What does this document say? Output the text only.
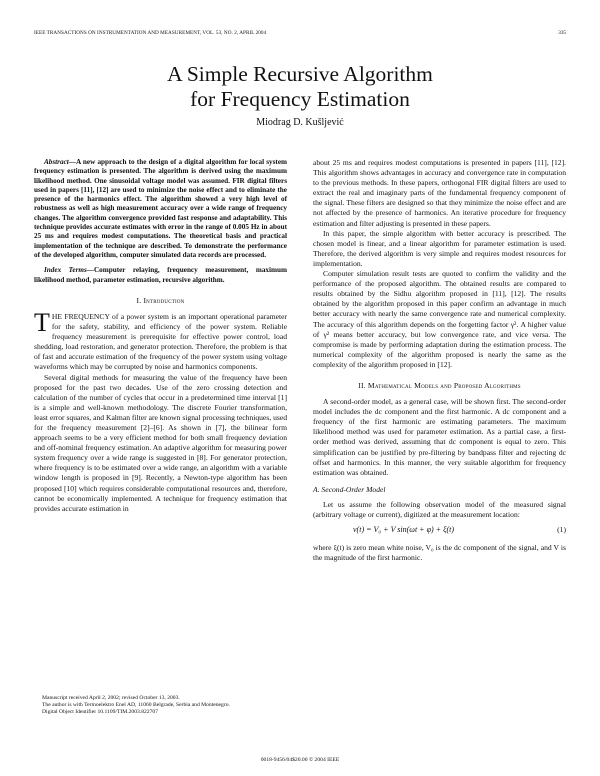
IEEE TRANSACTIONS ON INSTRUMENTATION AND MEASUREMENT, VOL. 53, NO. 2, APRIL 2004	335
A Simple Recursive Algorithm
for Frequency Estimation
Miodrag D. Kušljević

Abstract—A new approach to the design of a digital algorithm for local system frequency estimation is presented. The algorithm is derived using the maximum likelihood method. One sinusoidal voltage model was assumed. FIR digital filters used in papers [11], [12] are used to minimize the noise effect and to eliminate the presence of the harmonics effect. The algorithm showed a very high level of robustness as well as high measurement accuracy over a wide range of frequency changes. The algorithm convergence provided fast response and adaptability. This technique provides accurate estimates with error in the range of 0.005 Hz in about 25 ms and requires modest computations. The theoretical basis and practical implementation of the technique are described. To demonstrate the performance of the developed algorithm, computer simulated data records are processed.

Index Terms—Computer relaying, frequency measurement, maximum likelihood method, parameter estimation, recursive algorithm.

I. Introduction

THE FREQUENCY of a power system is an important operational parameter for the safety, stability, and efficiency of the power system. Reliable frequency measurement is prerequisite for effective power control, load shedding, load restoration, and generator protection. Therefore, the problem is that of fast and accurate estimation of the frequency of the power system using voltage waveforms which may be corrupted by noise and harmonics components.

Several digital methods for measuring the value of the frequency have been proposed for the past two decades. Use of the zero crossing detection and calculation of the number of cycles that occur in a predetermined time interval [1] is a simple and well-known methodology. The discrete Fourier transformation, least error squares, and Kalman filter are known signal processing techniques, used for the frequency measurement [2]–[6]. As shown in [7], the bilinear form approach seems to be a very efficient method for both small frequency deviation and off-nominal frequency estimation. An adaptive algorithm for measuring power system frequency over a wide range is suggested in [8]. For generator protection, where frequency is to be estimated over a wide range, an algorithm with a variable window length is proposed in [9]. Recently, a Newton-type algorithm has been proposed [10] which requires considerable computational resources and, therefore, cannot be economically implemented. A technique for frequency estimation that provides accurate estimation in

about 25 ms and requires modest computations is presented in papers [11], [12]. This algorithm shows advantages in accuracy and convergence rate in computation to the previous methods. In these papers, orthogonal FIR digital filters are used to extract the real and imaginary parts of the fundamental frequency component of the signal. These filters are designed so that they minimize the noise effect and are not affected by the presence of harmonics. An iterative procedure for frequency estimation and filter adjusting is presented in these papers.

In this paper, the simple algorithm with better accuracy is prescribed. The chosen model is linear, and a linear algorithm for parameter estimation is used. Therefore, the derived algorithm is very simple and requires modest resources for implementation.

Computer simulation result tests are quoted to confirm the validity and the performance of the proposed algorithm. The obtained results are compared to results obtained by the Sidhu algorithm proposed in [11], [12]. The results obtained by the algorithm proposed in this paper confirm an advantage in much better accuracy with nearly the same convergence rate and numerical complexity. The accuracy of this algorithm depends on the forgetting factor γ². A higher value of γ² means better accuracy, but low convergence rate, and vice versa. The compromise is made by performing adaptation during the estimation process. The numerical complexity of the algorithm proposed is nearly the same as the complexity of the algorithm proposed in [12].

II. Mathematical Models and Proposed Algorithms

A second-order model, as a general case, will be shown first. The second-order model includes the dc component and the first harmonic. A dc component and a frequency of the first harmonic are estimating parameters. The maximum likelihood method was used for parameter estimation. As a partial case, a first-order method was derived, assuming that dc component is equal to zero. This simplification can be justified by pre-filtering by bandpass filter and rejecting dc offset and harmonics. In this manner, the very suitable algorithm for frequency estimation was obtained.

A. Second-Order Model

Let us assume the following observation model of the measured signal (arbitrary voltage or current), digitized at the measurement location:

v(t) = V₀ + V sin(ωt + φ) + ξ(t)	(1)

where ξ(t) is zero mean white noise, V₀ is the dc component of the signal, and V is the magnitude of the first harmonic.

Manuscript received April 2, 2002; revised October 13, 2003.
The author is with Termoelektro Enel AD, 11060 Belgrade, Serbia and Montenegro.
Digital Object Identifier 10.1109/TIM.2003.822707
0018-9456/04$20.00 © 2004 IEEE
